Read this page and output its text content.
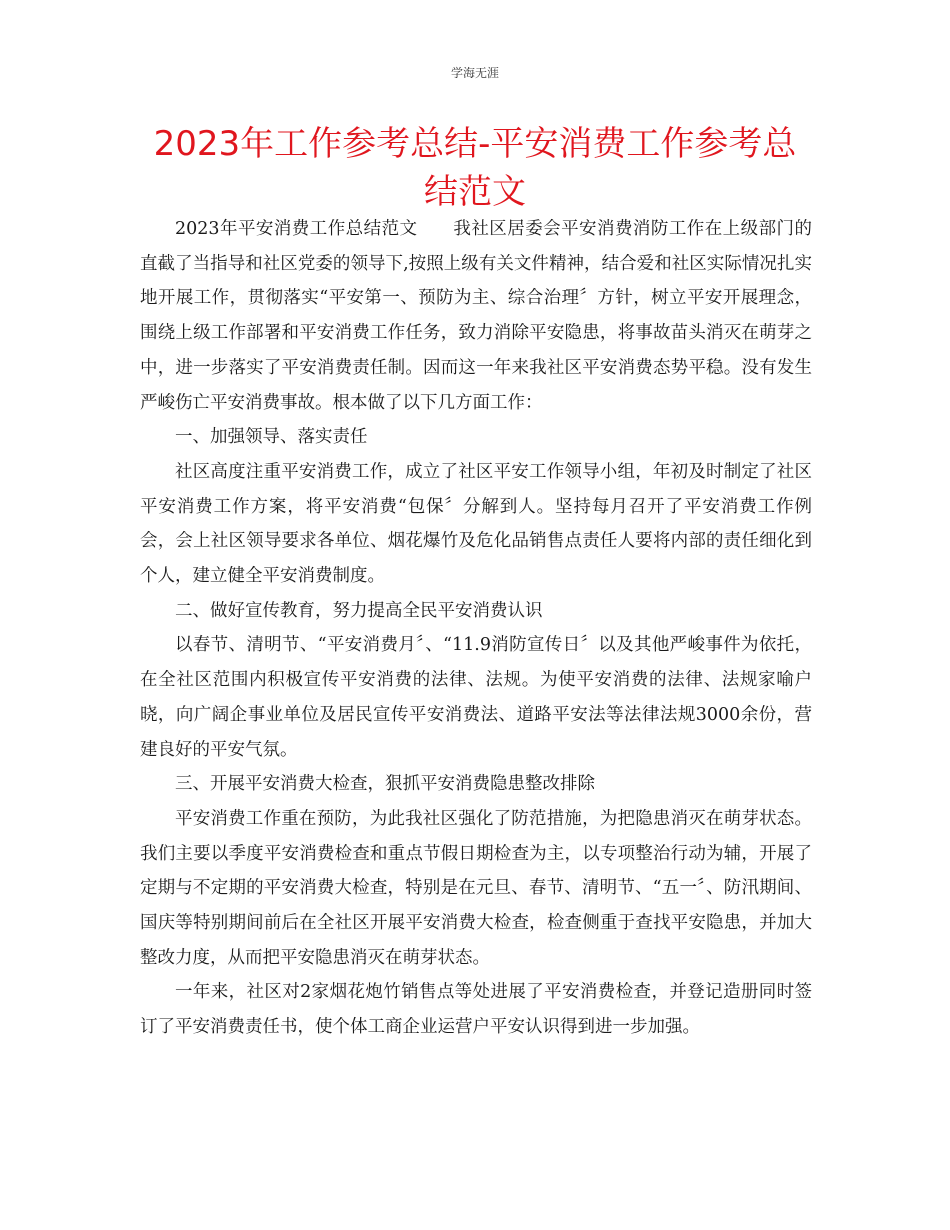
学海无涯
2023年工作参考总结-平安消费工作参考总结范文

2023年平安消费工作总结范文　　我社区居委会平安消费消防工作在上级部门的直截了当指导和社区党委的领导下,按照上级有关文件精神，结合爱和社区实际情况扎实地开展工作，贯彻落实“平安第一、预防为主、综合治理〞方针，树立平安开展理念，围绕上级工作部署和平安消费工作任务，致力消除平安隐患，将事故苗头消灭在萌芽之中，进一步落实了平安消费责任制。因而这一年来我社区平安消费态势平稳。没有发生严峻伤亡平安消费事故。根本做了以下几方面工作：

一、加强领导、落实责任

社区高度注重平安消费工作，成立了社区平安工作领导小组，年初及时制定了社区平安消费工作方案，将平安消费“包保〞分解到人。坚持每月召开了平安消费工作例会，会上社区领导要求各单位、烟花爆竹及危化品销售点责任人要将内部的责任细化到个人，建立健全平安消费制度。

二、做好宣传教育，努力提高全民平安消费认识

以春节、清明节、“平安消费月〞、“11.9消防宣传日〞以及其他严峻事件为依托，在全社区范围内积极宣传平安消费的法律、法规。为使平安消费的法律、法规家喻户晓，向广阔企事业单位及居民宣传平安消费法、道路平安法等法律法规3000余份，营建良好的平安气氛。

三、开展平安消费大检查，狠抓平安消费隐患整改排除

平安消费工作重在预防，为此我社区强化了防范措施，为把隐患消灭在萌芽状态。我们主要以季度平安消费检查和重点节假日期检查为主，以专项整治行动为辅，开展了定期与不定期的平安消费大检查，特别是在元旦、春节、清明节、“五一〞、防汛期间、国庆等特别期间前后在全社区开展平安消费大检查，检查侧重于查找平安隐患，并加大整改力度，从而把平安隐患消灭在萌芽状态。

一年来，社区对2家烟花炮竹销售点等处进展了平安消费检查，并登记造册同时签订了平安消费责任书，使个体工商企业运营户平安认识得到进一步加强。
